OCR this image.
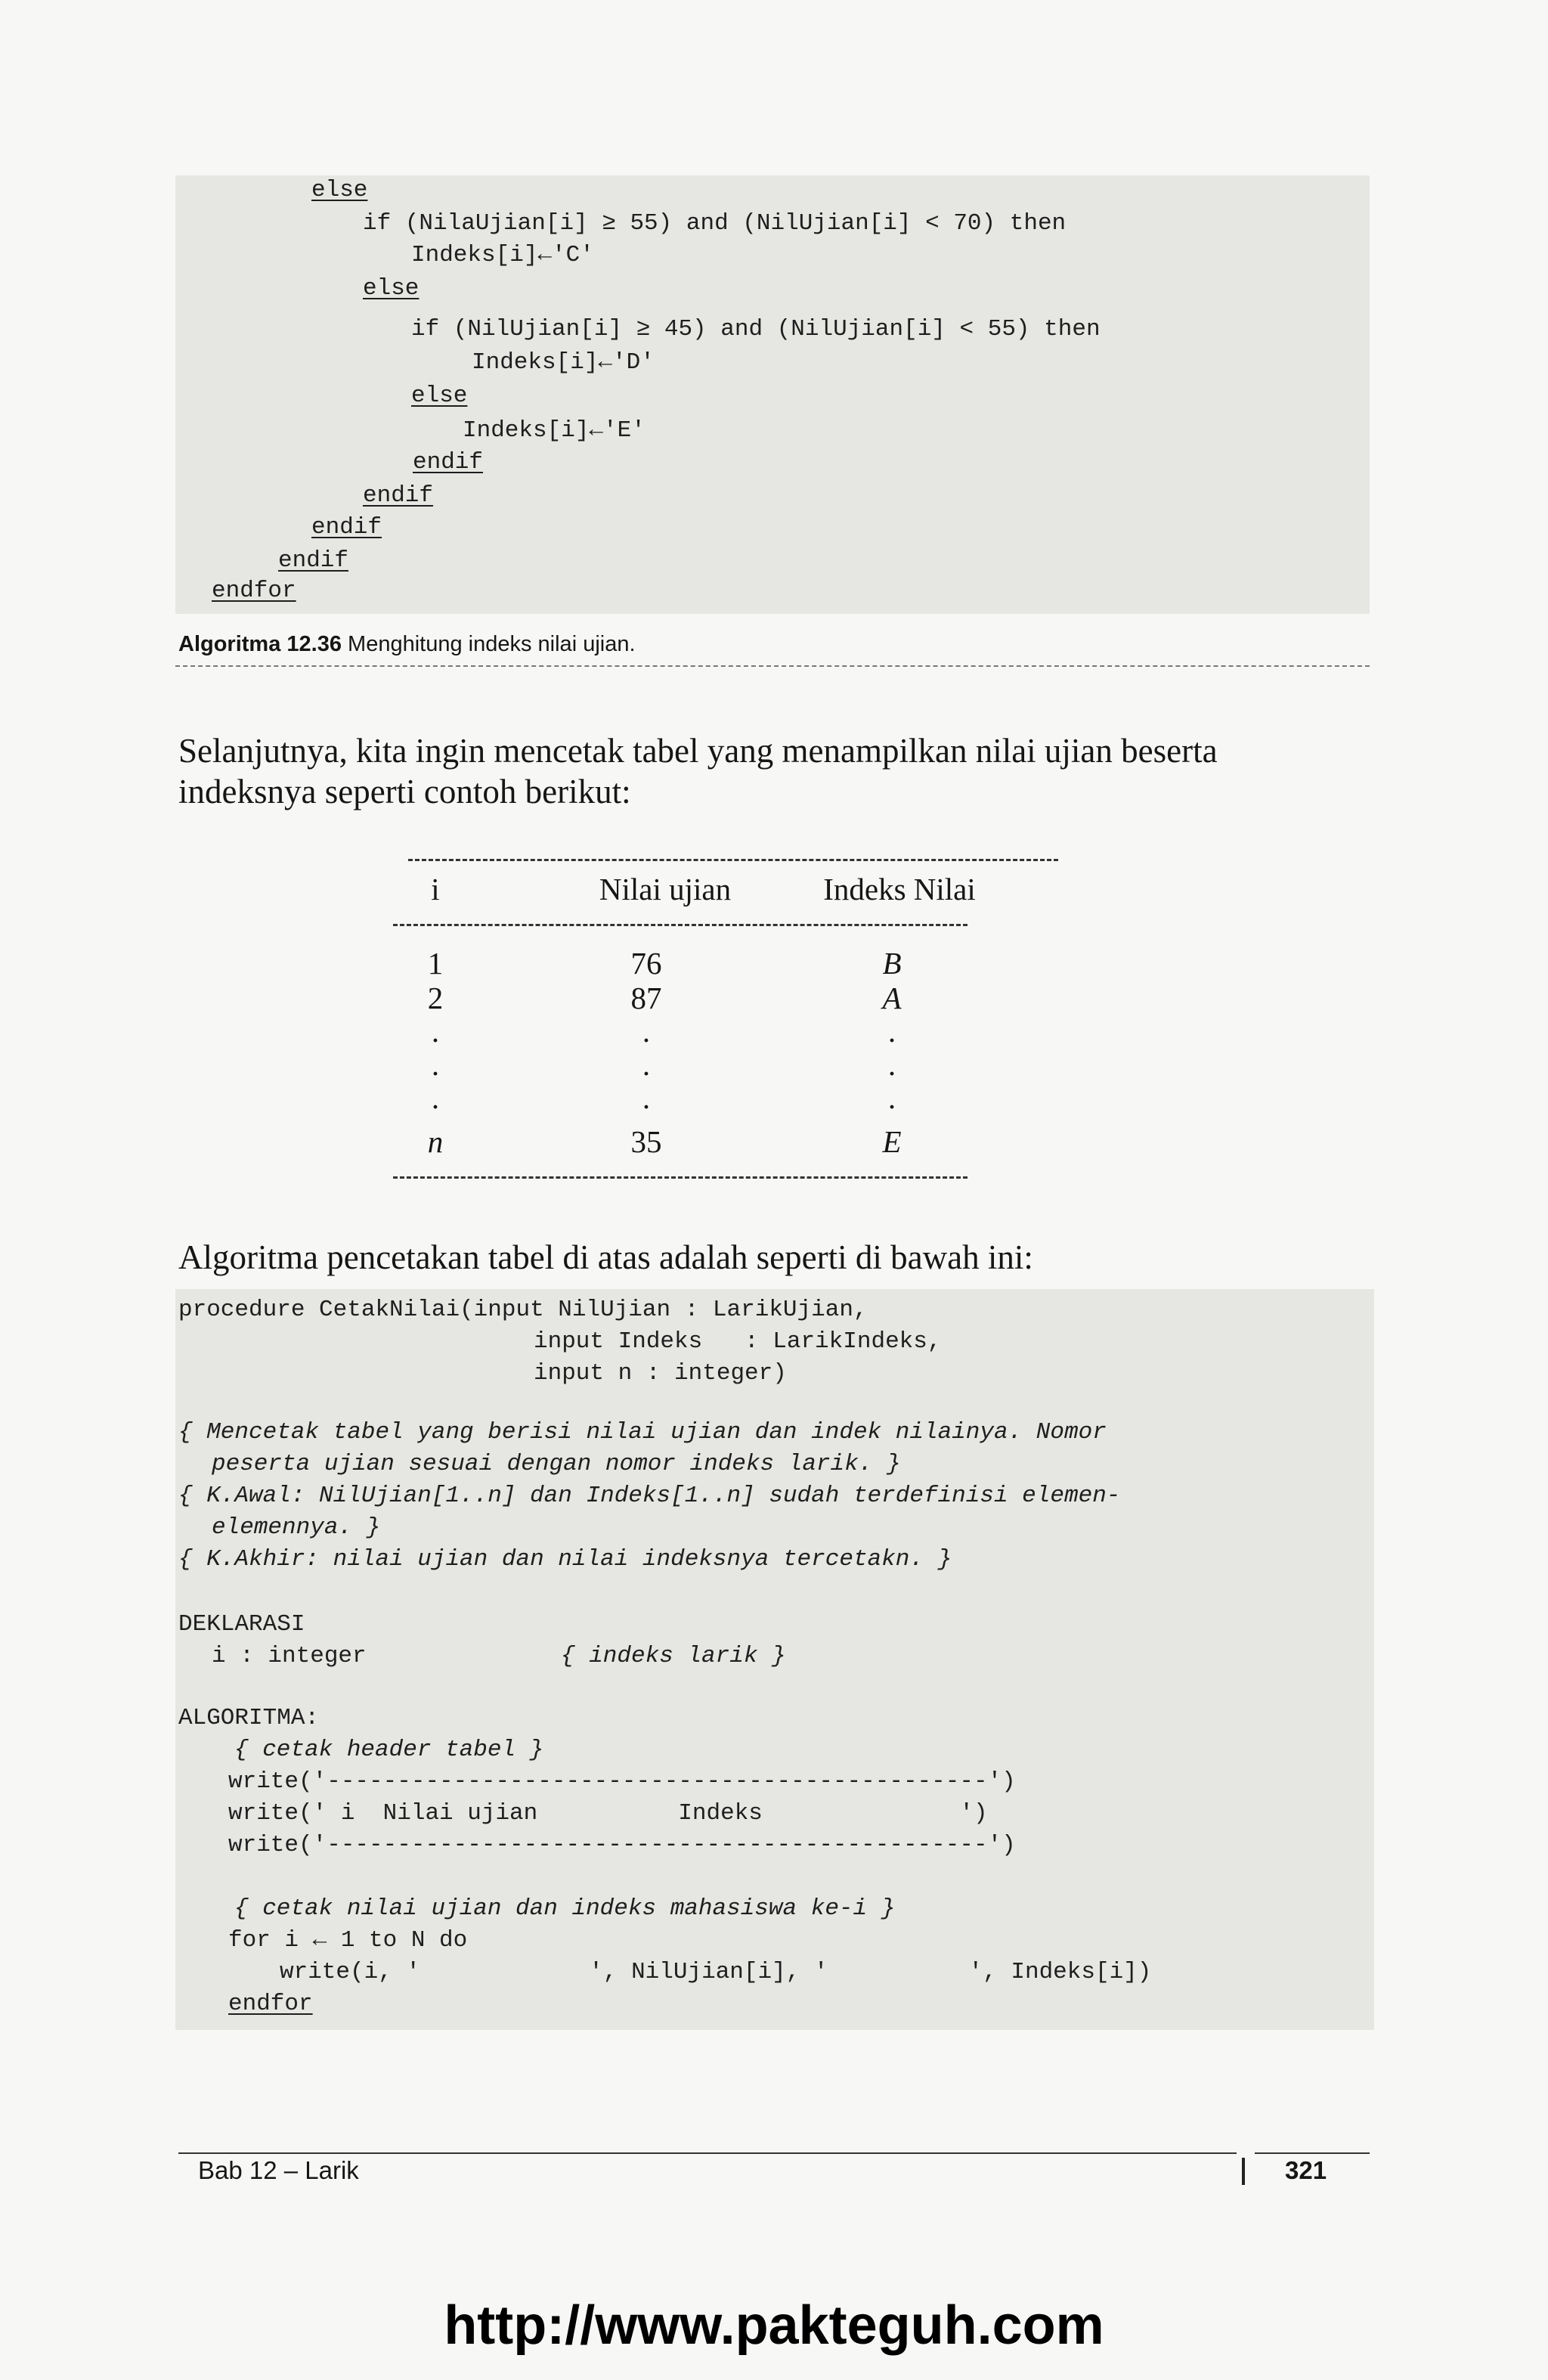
else
if (NilaUjian[i] ≥ 55) and (NilUjian[i] < 70) then
Indeks[i]←'C'
else
if (NilUjian[i] ≥ 45) and (NilUjian[i] < 55) then
Indeks[i]←'D'
else
Indeks[i]←'E'
endif
endif
endif
endif
endfor
Algoritma 12.36 Menghitung indeks nilai ujian.
Selanjutnya, kita ingin mencetak tabel yang menampilkan nilai ujian beserta
indeksnya seperti contoh berikut:
i	Nilai ujian	Indeks Nilai
1	76	B
2	87	A
.	.	.
.	.	.
.	.	.
n	35	E
Algoritma pencetakan tabel di atas adalah seperti di bawah ini:
procedure CetakNilai(input NilUjian : LarikUjian,
input Indeks   : LarikIndeks,
input n : integer)
{ Mencetak tabel yang berisi nilai ujian dan indek nilainya. Nomor
peserta ujian sesuai dengan nomor indeks larik. }
{ K.Awal: NilUjian[1..n] dan Indeks[1..n] sudah terdefinisi elemen-
elemennya. }
{ K.Akhir: nilai ujian dan nilai indeksnya tercetakn. }
DEKLARASI
i : integer	{ indeks larik }
ALGORITMA:
{ cetak header tabel }
write('-----------------------------------------------')
write(' i  Nilai ujian          Indeks              ')
write('-----------------------------------------------')
{ cetak nilai ujian dan indeks mahasiswa ke-i }
for i ← 1 to N do
write(i, '            ', NilUjian[i], '          ', Indeks[i])
endfor
Bab 12 – Larik	321
http://www.pakteguh.com
